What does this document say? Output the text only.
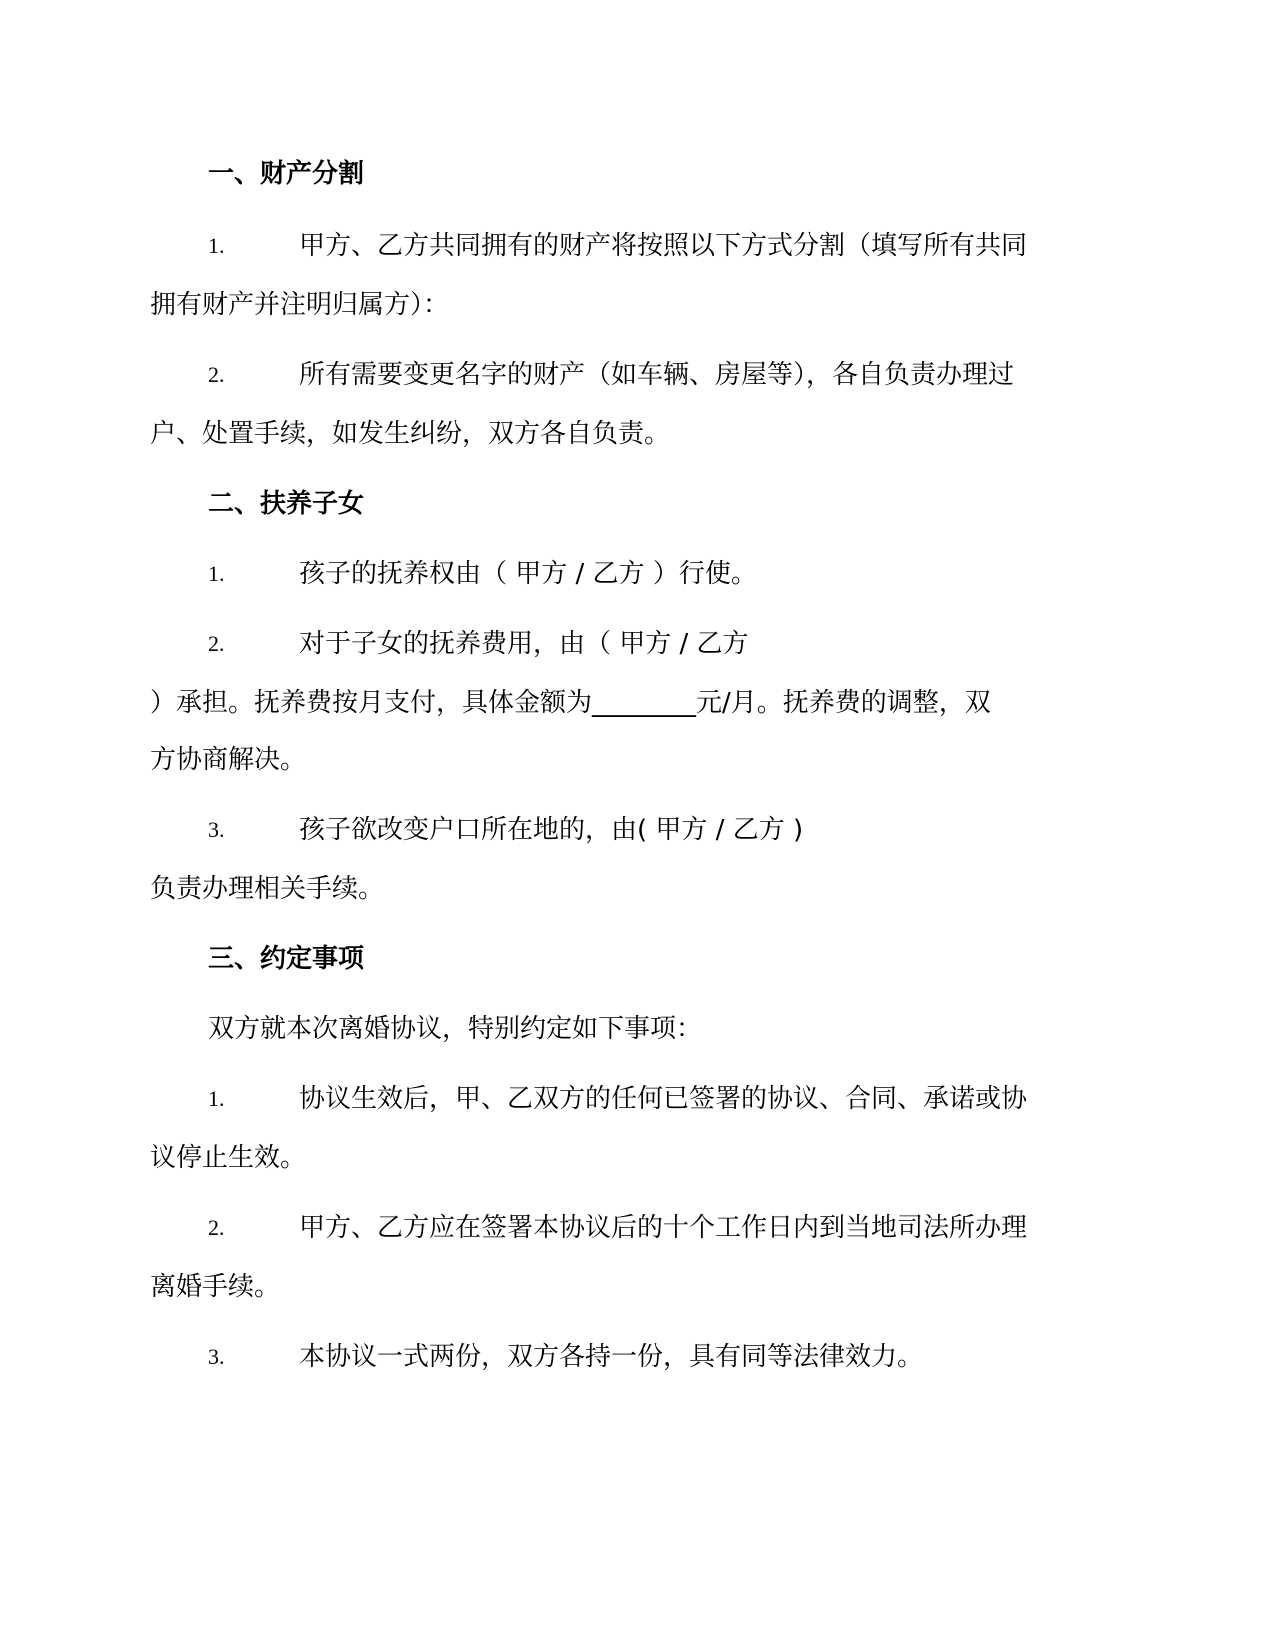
一、财产分割
1.	甲方、乙方共同拥有的财产将按照以下方式分割（填写所有共同
拥有财产并注明归属方）：
2.	所有需要变更名字的财产（如车辆、房屋等），各自负责办理过
户、处置手续，如发生纠纷，双方各自负责。
二、扶养子女
1.	孩子的抚养权由（ 甲方 / 乙方 ）行使。
2.	对于子女的抚养费用，由（ 甲方 / 乙方
）承担。抚养费按月支付，具体金额为________元/月。抚养费的调整，双
方协商解决。
3.	孩子欲改变户口所在地的，由( 甲方 / 乙方 )
负责办理相关手续。
三、约定事项
双方就本次离婚协议，特别约定如下事项：
1.	协议生效后，甲、乙双方的任何已签署的协议、合同、承诺或协
议停止生效。
2.	甲方、乙方应在签署本协议后的十个工作日内到当地司法所办理
离婚手续。
3.	本协议一式两份，双方各持一份，具有同等法律效力。
